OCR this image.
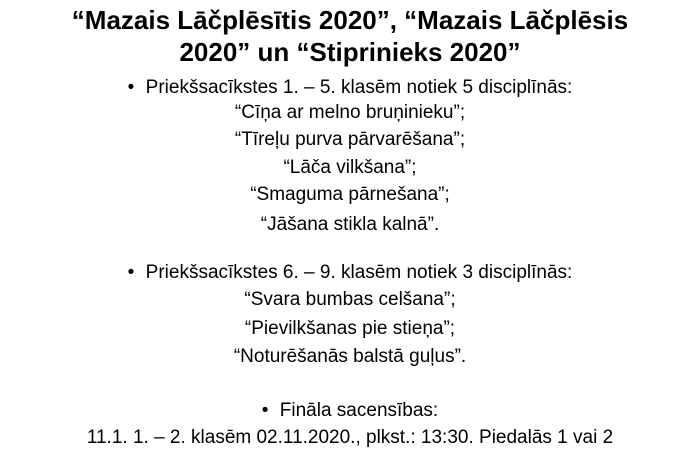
“Mazais Lāčplēsītis 2020”, “Mazais Lāčplēsis
2020” un “Stiprinieks 2020”
• Priekšsacīkstes 1. – 5. klasēm notiek 5 disciplīnās:
“Cīņa ar melno bruņinieku”;
“Tīreļu purva pārvarēšana”;
“Lāča vilkšana”;
“Smaguma pārnešana”;
“Jāšana stikla kalnā”.
• Priekšsacīkstes 6. – 9. klasēm notiek 3 disciplīnās:
“Svara bumbas celšana”;
“Pievilkšanas pie stieņa”;
“Noturēšanās balstā guļus”.
• Fināla sacensības:
11.1. 1. – 2. klasēm 02.11.2020., plkst.: 13:30. Piedalās 1 vai 2
